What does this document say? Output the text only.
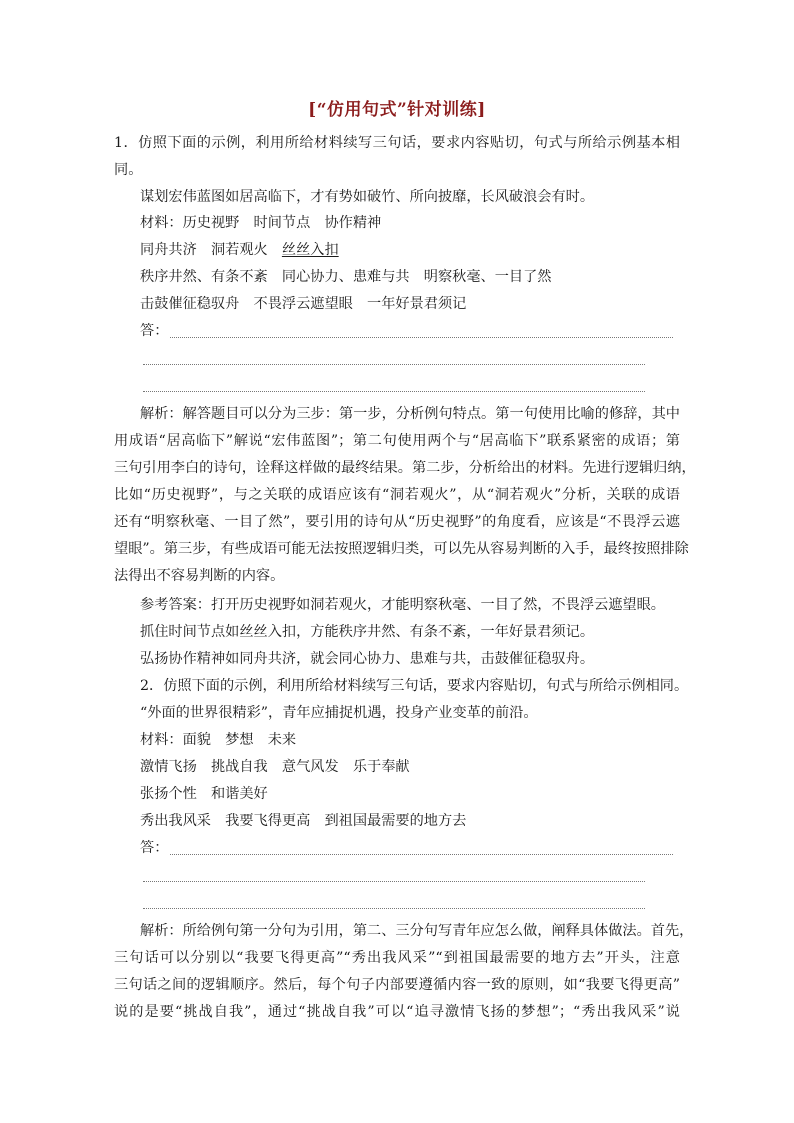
[“仿用句式”针对训练]
1．仿照下面的示例，利用所给材料续写三句话，要求内容贴切，句式与所给示例基本相
同。
谋划宏伟蓝图如居高临下，才有势如破竹、所向披靡，长风破浪会有时。
材料：历史视野　时间节点　协作精神
同舟共济　洞若观火　丝丝入扣
秩序井然、有条不紊　同心协力、患难与共　明察秋毫、一目了然
击鼓催征稳驭舟　不畏浮云遮望眼　一年好景君须记
答：
解析：解答题目可以分为三步：第一步，分析例句特点。第一句使用比喻的修辞，其中
用成语“居高临下”解说“宏伟蓝图”；第二句使用两个与“居高临下”联系紧密的成语；第
三句引用李白的诗句，诠释这样做的最终结果。第二步，分析给出的材料。先进行逻辑归纳，
比如“历史视野”，与之关联的成语应该有“洞若观火”，从“洞若观火”分析，关联的成语
还有“明察秋毫、一目了然”，要引用的诗句从“历史视野”的角度看，应该是“不畏浮云遮
望眼”。第三步，有些成语可能无法按照逻辑归类，可以先从容易判断的入手，最终按照排除
法得出不容易判断的内容。
参考答案：打开历史视野如洞若观火，才能明察秋毫、一目了然，不畏浮云遮望眼。
抓住时间节点如丝丝入扣，方能秩序井然、有条不紊，一年好景君须记。
弘扬协作精神如同舟共济，就会同心协力、患难与共，击鼓催征稳驭舟。
2．仿照下面的示例，利用所给材料续写三句话，要求内容贴切，句式与所给示例相同。
“外面的世界很精彩”，青年应捕捉机遇，投身产业变革的前沿。
材料：面貌　梦想　未来
激情飞扬　挑战自我　意气风发　乐于奉献
张扬个性　和谐美好
秀出我风采　我要飞得更高　到祖国最需要的地方去
答：
解析：所给例句第一分句为引用，第二、三分句写青年应怎么做，阐释具体做法。首先，
三句话可以分别以“我要飞得更高”“秀出我风采”“到祖国最需要的地方去”开头，注意
三句话之间的逻辑顺序。然后，每个句子内部要遵循内容一致的原则，如“我要飞得更高”
说的是要“挑战自我”，通过“挑战自我”可以“追寻激情飞扬的梦想”；“秀出我风采”说
